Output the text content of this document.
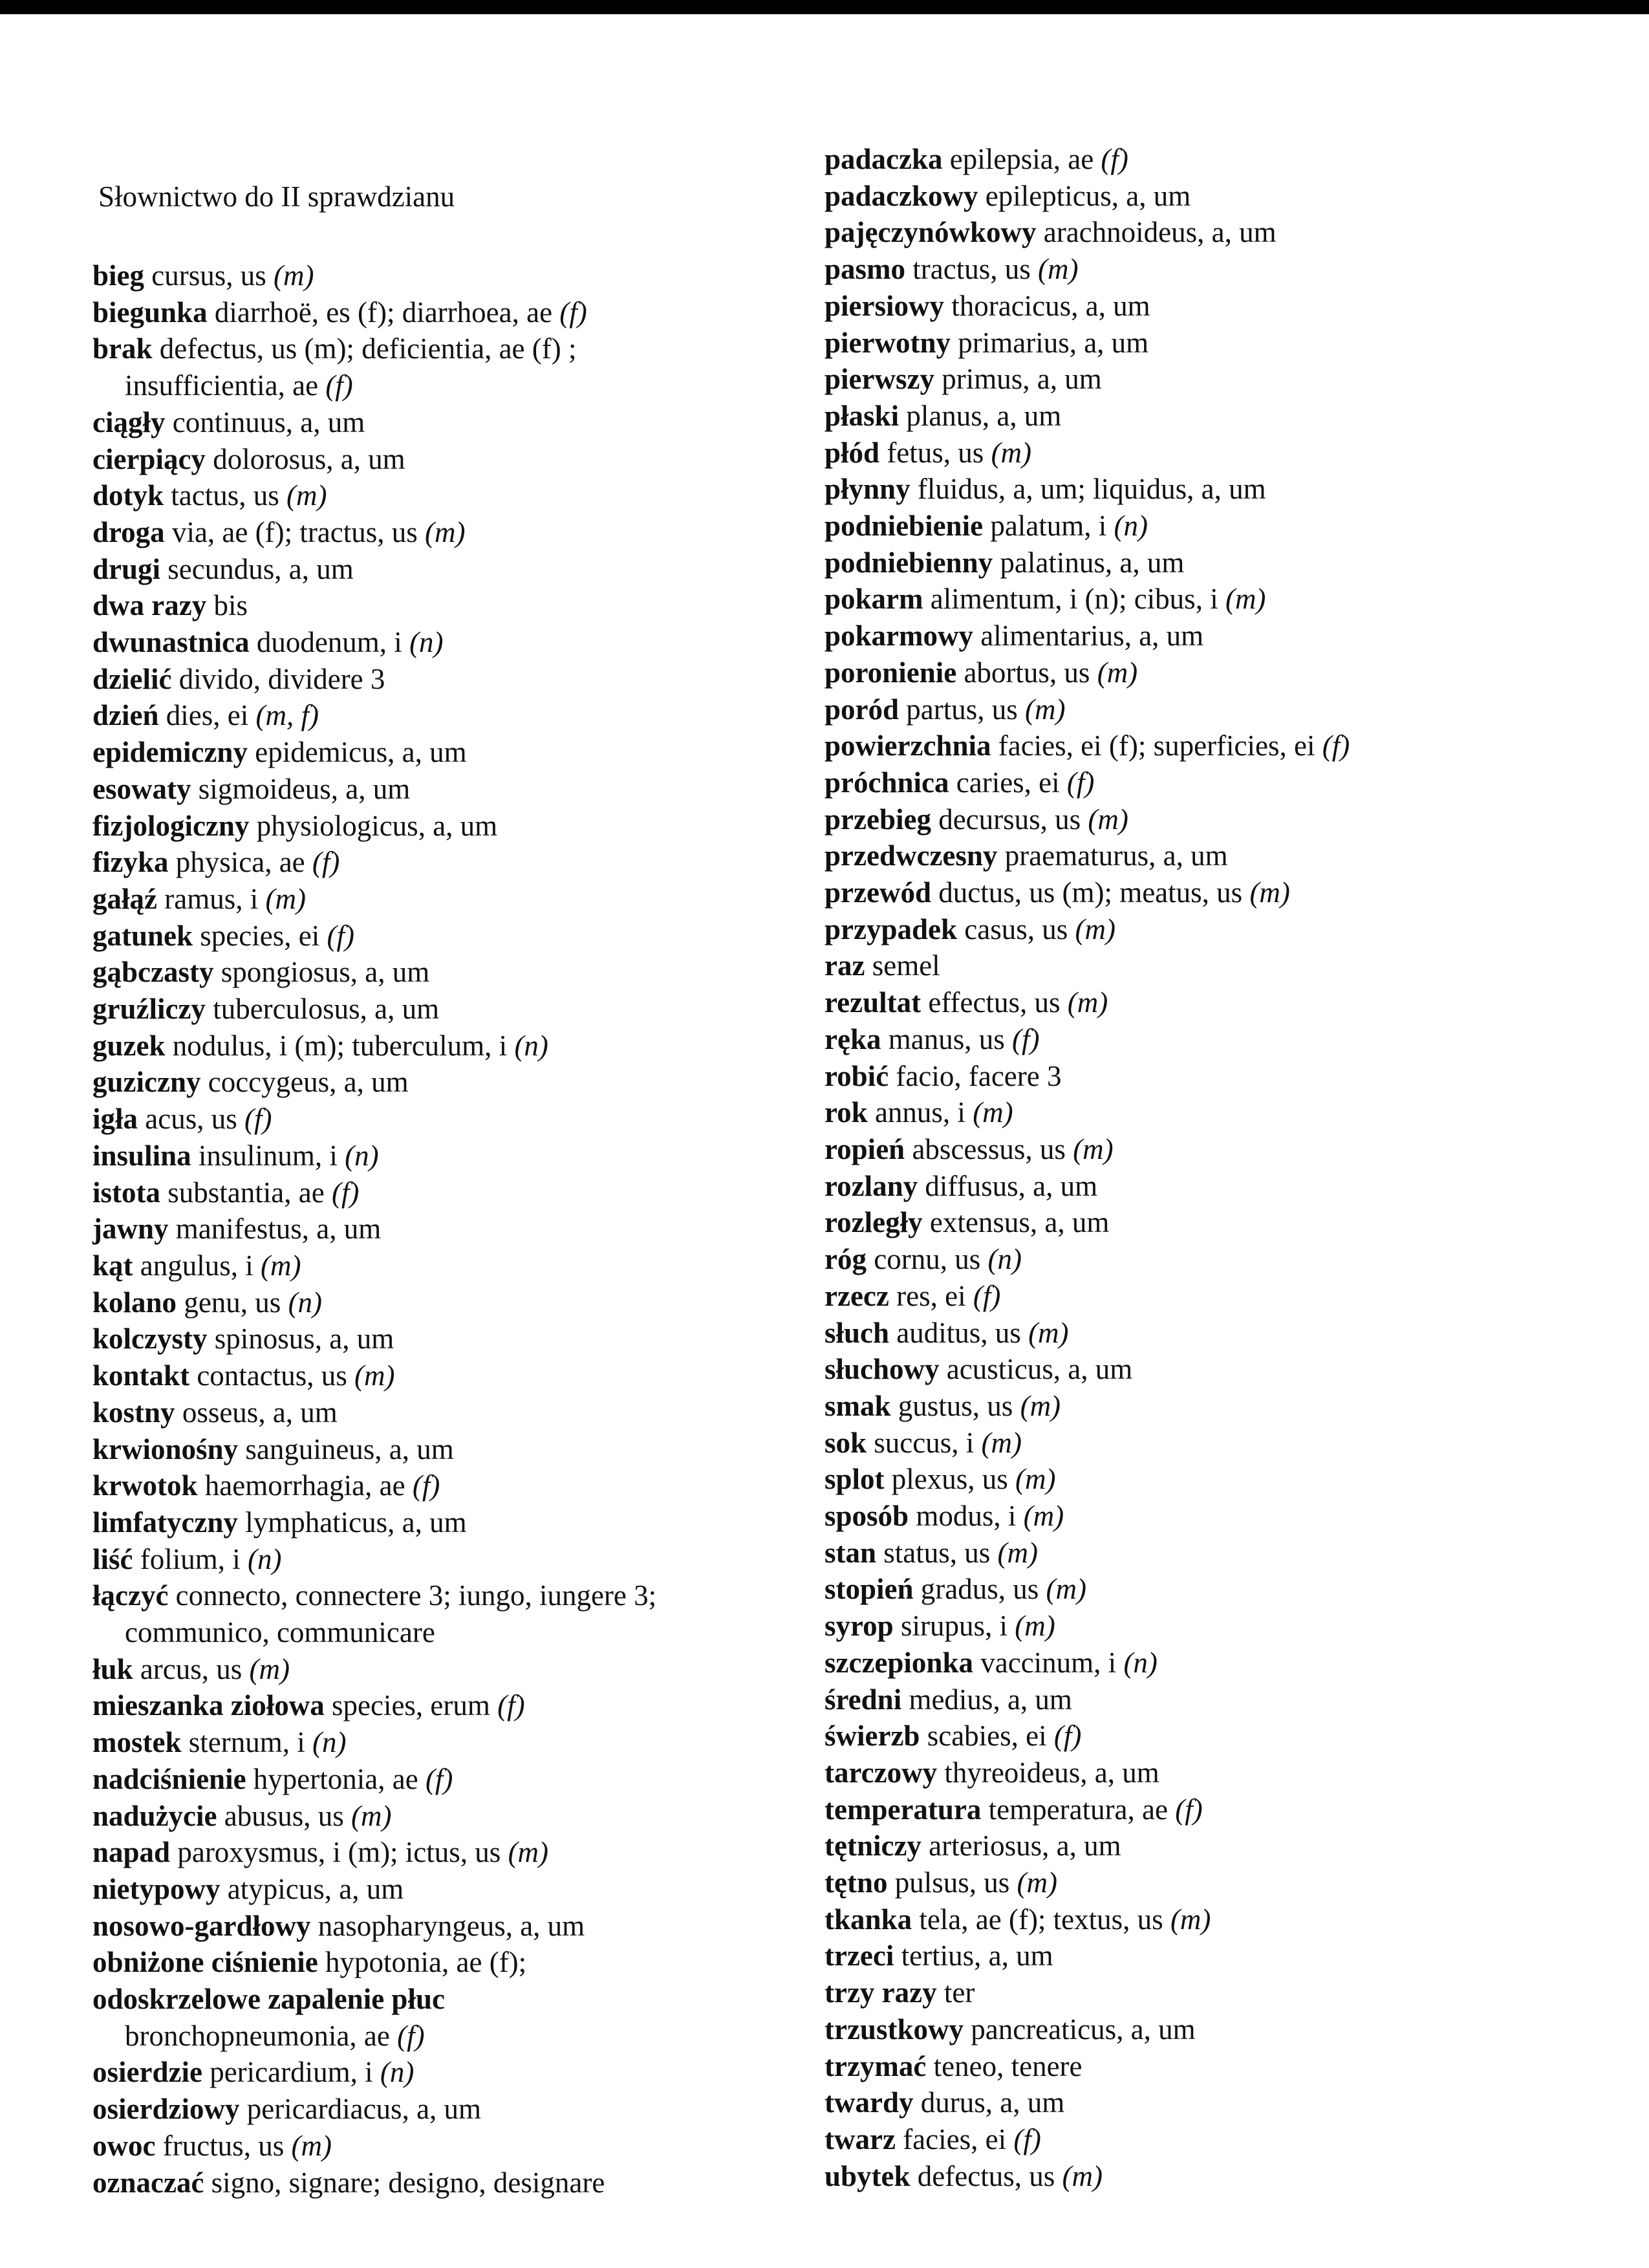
Słownictwo do II sprawdzianu
bieg cursus, us (m)
biegunka diarrhoë, es (f); diarrhoea, ae (f)
brak defectus, us (m); deficientia, ae (f) ;
insufficientia, ae (f)
ciągły continuus, a, um
cierpiący dolorosus, a, um
dotyk tactus, us (m)
droga via, ae (f); tractus, us (m)
drugi secundus, a, um
dwa razy bis
dwunastnica duodenum, i (n)
dzielić divido, dividere 3
dzień dies, ei (m, f)
epidemiczny epidemicus, a, um
esowaty sigmoideus, a, um
fizjologiczny physiologicus, a, um
fizyka physica, ae (f)
gałąź ramus, i (m)
gatunek species, ei (f)
gąbczasty spongiosus, a, um
gruźliczy tuberculosus, a, um
guzek nodulus, i (m); tuberculum, i (n)
guziczny coccygeus, a, um
igła acus, us (f)
insulina insulinum, i (n)
istota substantia, ae (f)
jawny manifestus, a, um
kąt angulus, i (m)
kolano genu, us (n)
kolczysty spinosus, a, um
kontakt contactus, us (m)
kostny osseus, a, um
krwionośny sanguineus, a, um
krwotok haemorrhagia, ae (f)
limfatyczny lymphaticus, a, um
liść folium, i (n)
łączyć connecto, connectere 3; iungo, iungere 3;
communico, communicare
łuk arcus, us (m)
mieszanka ziołowa species, erum (f)
mostek sternum, i (n)
nadciśnienie hypertonia, ae (f)
nadużycie abusus, us (m)
napad paroxysmus, i (m); ictus, us (m)
nietypowy atypicus, a, um
nosowo-gardłowy nasopharyngeus, a, um
obniżone ciśnienie hypotonia, ae (f);
odoskrzelowe zapalenie płuc
bronchopneumonia, ae (f)
osierdzie pericardium, i (n)
osierdziowy pericardiacus, a, um
owoc fructus, us (m)
oznaczać signo, signare; designo, designare
padaczka epilepsia, ae (f)
padaczkowy epilepticus, a, um
pajęczynówkowy arachnoideus, a, um
pasmo tractus, us (m)
piersiowy thoracicus, a, um
pierwotny primarius, a, um
pierwszy primus, a, um
płaski planus, a, um
płód fetus, us (m)
płynny fluidus, a, um; liquidus, a, um
podniebienie palatum, i (n)
podniebienny palatinus, a, um
pokarm alimentum, i (n); cibus, i (m)
pokarmowy alimentarius, a, um
poronienie abortus, us (m)
poród partus, us (m)
powierzchnia facies, ei (f); superficies, ei (f)
próchnica caries, ei (f)
przebieg decursus, us (m)
przedwczesny praematurus, a, um
przewód ductus, us (m); meatus, us (m)
przypadek casus, us (m)
raz semel
rezultat effectus, us (m)
ręka manus, us (f)
robić facio, facere 3
rok annus, i (m)
ropień abscessus, us (m)
rozlany diffusus, a, um
rozległy extensus, a, um
róg cornu, us (n)
rzecz res, ei (f)
słuch auditus, us (m)
słuchowy acusticus, a, um
smak gustus, us (m)
sok succus, i (m)
splot plexus, us (m)
sposób modus, i (m)
stan status, us (m)
stopień gradus, us (m)
syrop sirupus, i (m)
szczepionka vaccinum, i (n)
średni medius, a, um
świerzb scabies, ei (f)
tarczowy thyreoideus, a, um
temperatura temperatura, ae (f)
tętniczy arteriosus, a, um
tętno pulsus, us (m)
tkanka tela, ae (f); textus, us (m)
trzeci tertius, a, um
trzy razy ter
trzustkowy pancreaticus, a, um
trzymać teneo, tenere
twardy durus, a, um
twarz facies, ei (f)
ubytek defectus, us (m)
